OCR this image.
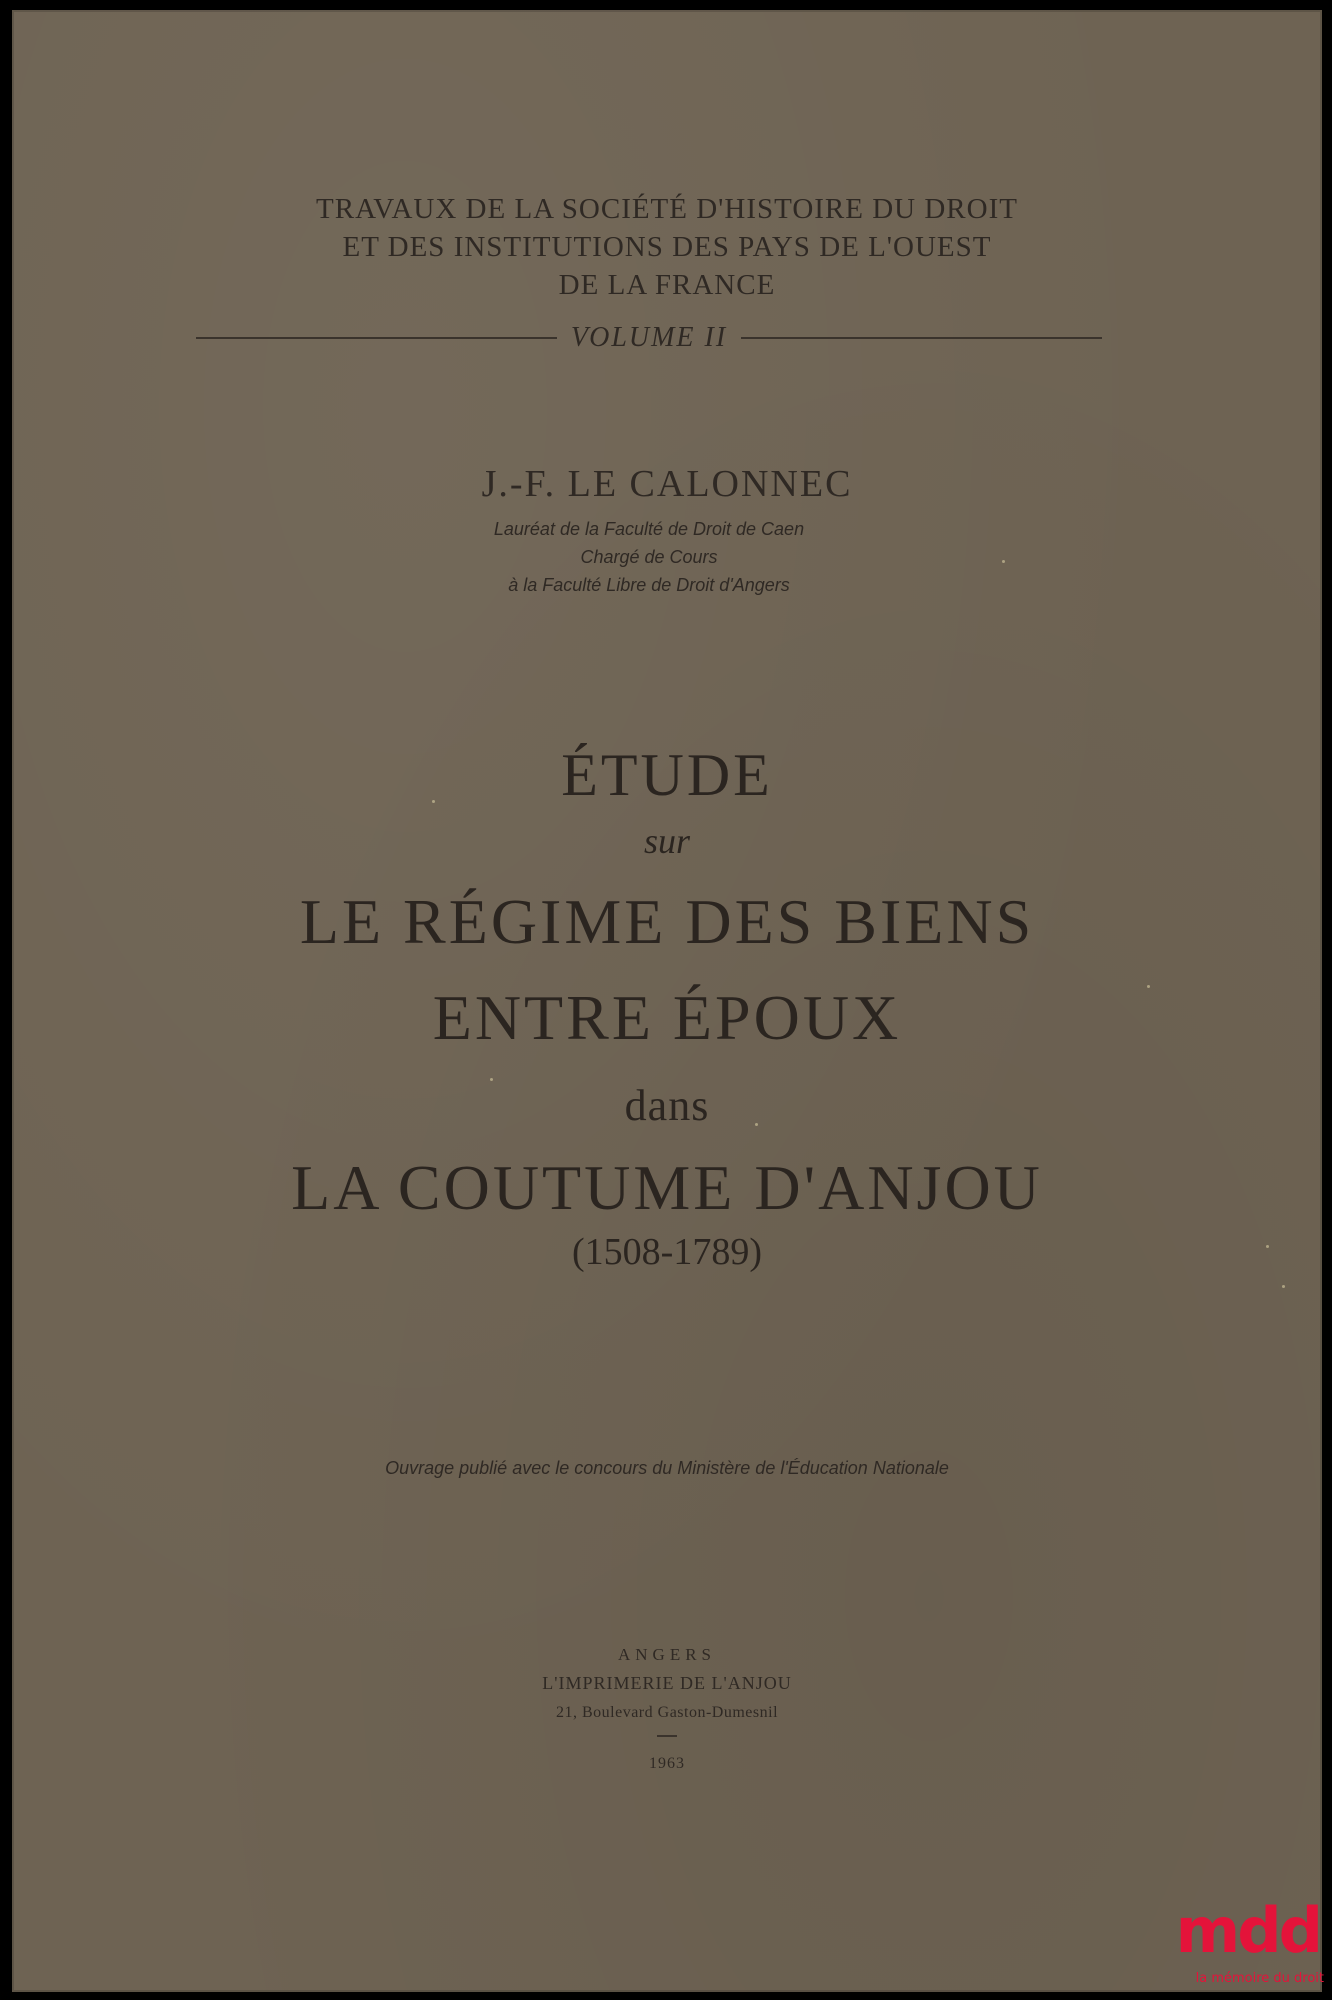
TRAVAUX DE LA SOCIÉTÉ D'HISTOIRE DU DROIT
ET DES INSTITUTIONS DES PAYS DE L'OUEST
DE LA FRANCE
VOLUME II
J.-F. LE CALONNEC
Lauréat de la Faculté de Droit de Caen
Chargé de Cours
à la Faculté Libre de Droit d'Angers
ÉTUDE
sur
LE RÉGIME DES BIENS
ENTRE ÉPOUX
dans
LA COUTUME D'ANJOU
(1508-1789)
Ouvrage publié avec le concours du Ministère de l'Éducation Nationale
ANGERS
L'IMPRIMERIE DE L'ANJOU
21, Boulevard Gaston-Dumesnil
1963
mdd
la mémoire du droit
